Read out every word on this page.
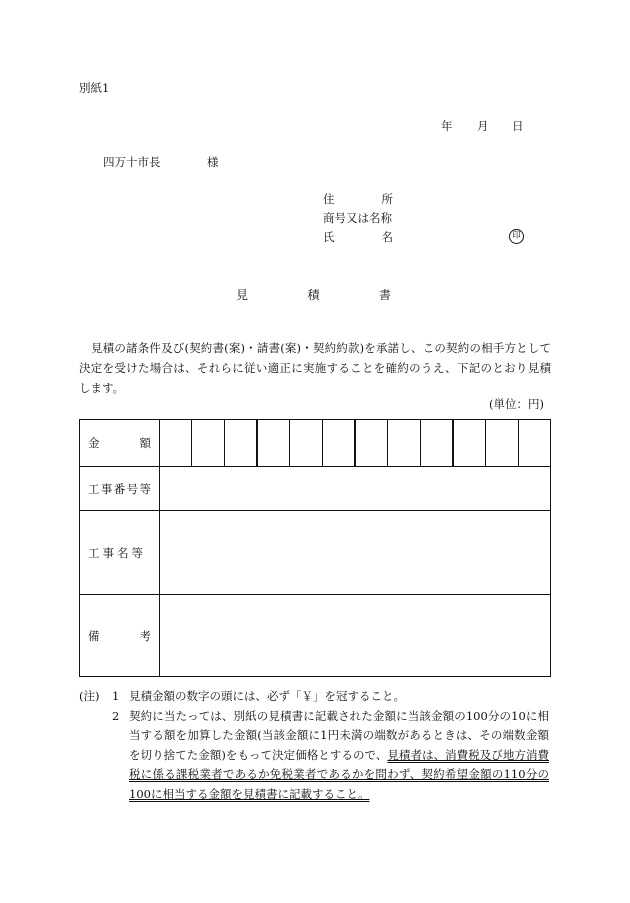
別紙1
年 月 日
四万十市長	様
住	所
商号又は名称
氏	名	印
見	積	書
見積の諸条件及び(契約書(案)・請書(案)・契約約款)を承諾し、この契約の相手方として決定を受けた場合は、それらに従い適正に実施することを確約のうえ、下記のとおり見積します。
(単位：円)
金	額
工 事 番 号 等
工 事 名 等
備	考
(注)	1 見積金額の数字の頭には、必ず「￥」を冠すること。
2 契約に当たっては、別紙の見積書に記載された金額に当該金額の100分の10に相当する額を加算した金額(当該金額に1円未満の端数があるときは、その端数金額を切り捨てた金額)をもって決定価格とするので、見積者は、消費税及び地方消費税に係る課税業者であるか免税業者であるかを問わず、契約希望金額の110分の100に相当する金額を見積書に記載すること。
